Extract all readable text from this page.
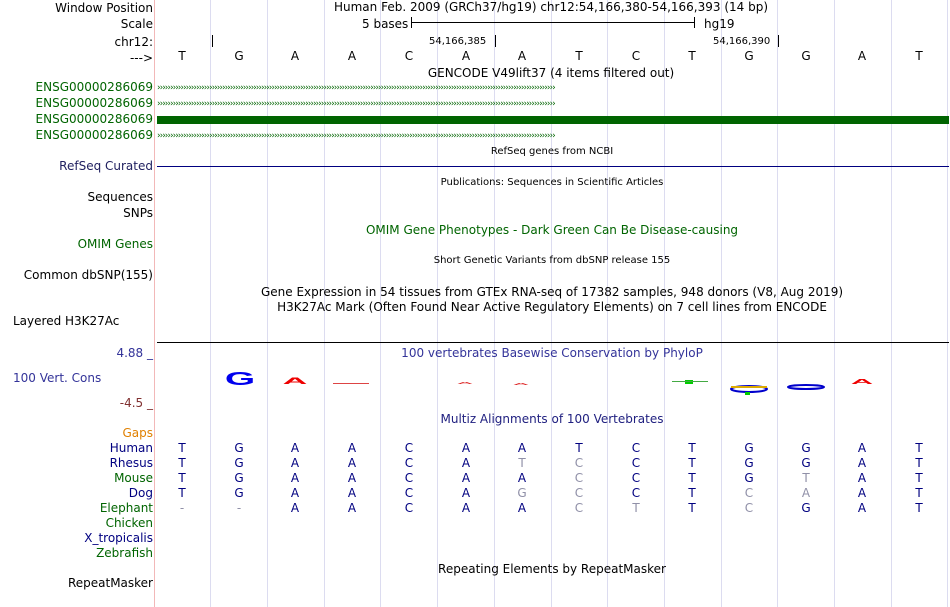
Window Position
Scale
chr12:
--->
Human Feb. 2009 (GRCh37/hg19) chr12:54,166,380-54,166,393 (14 bp)
5 bases	hg19
54,166,385	54,166,390
T	G	A	A	C	A	A	T	C	T	G	G	A	T
GENCODE V49lift37 (4 items filtered out)
ENSG00000286069
ENSG00000286069
ENSG00000286069
ENSG00000286069
›››››››››››››››››››››››››››››››››››››››››››››››››››››››››››››››››››››››››››››››››››››››››››››››››››››››››››››››››››››››››››››››››››››››››››››››››››››››››
›››››››››››››››››››››››››››››››››››››››››››››››››››››››››››››››››››››››››››››››››››››››››››››››››››››››››››››››››››››››››››››››››››››››››››››››››››››››››
›››››››››››››››››››››››››››››››››››››››››››››››››››››››››››››››››››››››››››››››››››››››››››››››››››››››››››››››››››››››››››››››››››››››››››››››››››››››››
RefSeq genes from NCBI
RefSeq Curated
Publications: Sequences in Scientific Articles
Sequences
SNPs
OMIM Gene Phenotypes - Dark Green Can Be Disease-causing
OMIM Genes
Short Genetic Variants from dbSNP release 155
Common dbSNP(155)
Gene Expression in 54 tissues from GTEx RNA-seq of 17382 samples, 948 donors (V8, Aug 2019)
H3K27Ac Mark (Often Found Near Active Regulatory Elements) on 7 cell lines from ENCODE
Layered H3K27Ac
100 vertebrates Basewise Conservation by PhyloP
4.88 _
100 Vert. Cons
-4.5 _
G A	A	A	A
Multiz Alignments of 100 Vertebrates
Gaps
Human	T	G	A	A	C	A	A	T	C	T	G	G	A	T
Rhesus	T	G	A	A	C	A	T	C	C	T	G	G	A	T
Mouse	T	G	A	A	C	A	A	C	C	T	G	T	A	T
Dog	T	G	A	A	C	A	G	C	C	T	C	A	A	T
Elephant	-	-	A	A	C	A	A	C	T	T	C	G	A	T
Chicken
X_tropicalis
Zebrafish
Repeating Elements by RepeatMasker
RepeatMasker
